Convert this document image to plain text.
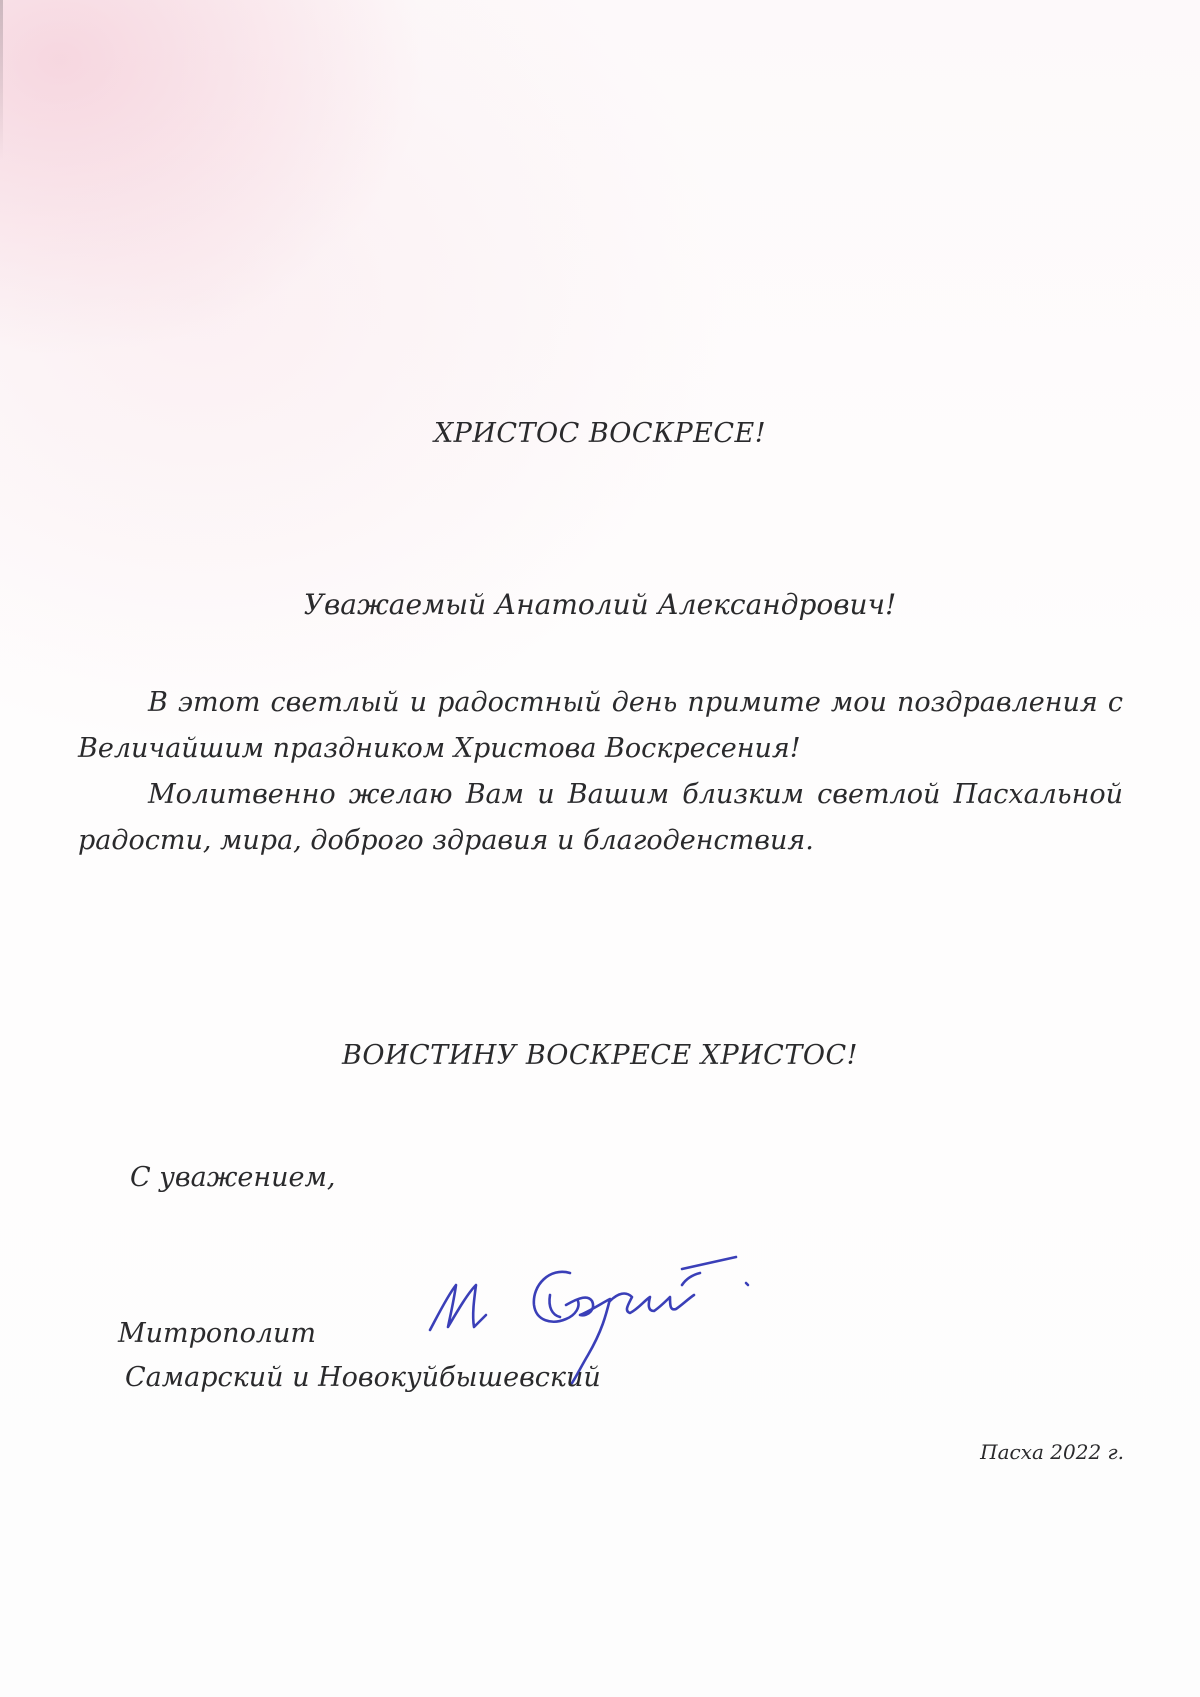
ХРИСТОС ВОСКРЕСЕ!
Уважаемый Анатолий Александрович!

В этот светлый и радостный день примите мои поздравления с Величайшим праздником Христова Воскресения!

Молитвенно желаю Вам и Вашим близким светлой Пасхальной радости, мира, доброго здравия и благоденствия.

ВОИСТИНУ ВОСКРЕСЕ ХРИСТОС!
С уважением,
Митрополит
Самарский и Новокуйбышевский
Пасха 2022 г.
